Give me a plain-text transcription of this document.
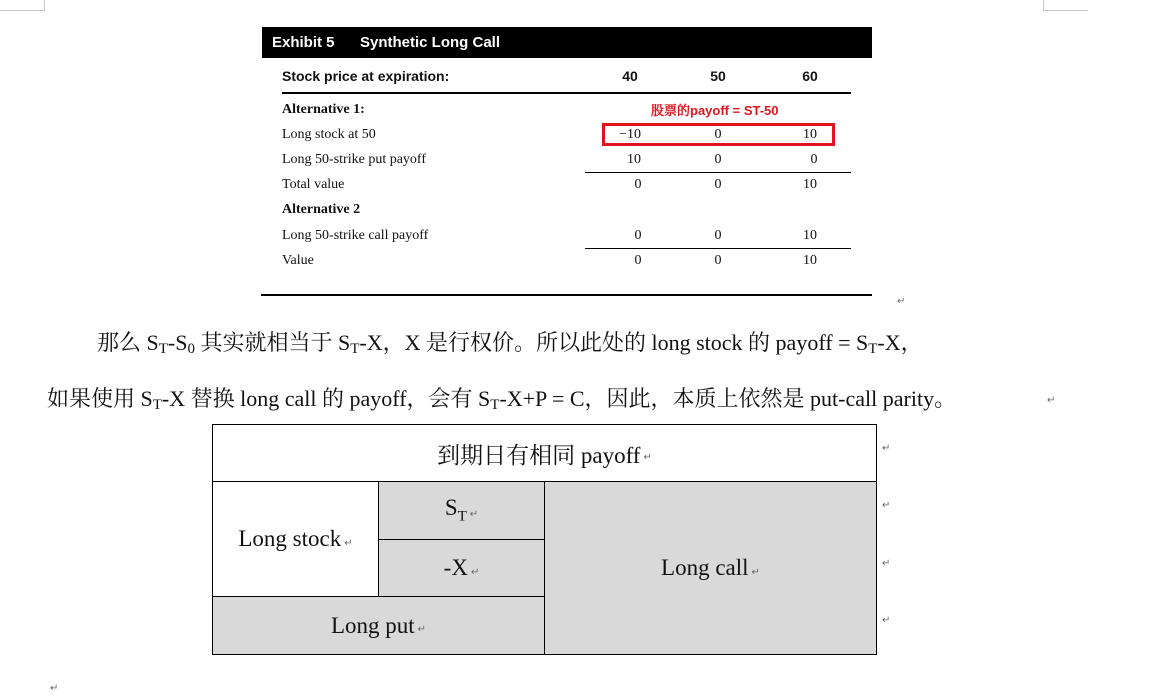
Exhibit 5	Synthetic Long Call
Stock price at expiration:	40	50	60
Alternative 1:	股票的payoff = ST-50
Long stock at 50	−10	0	10
Long 50-strike put payoff	10	0	0
Total value	0	0	10
Alternative 2
Long 50-strike call payoff	0	0	10
Value	0	0	10
↵
那么 $S_T-S_0$ 其实就相当于 $S_T-X$，X 是行权价。所以此处的 long stock 的 payoff = $S_T-X$，
如果使用 $S_T-X$ 替换 long call 的 payoff，会有 $S_T-X+P = C$，因此，本质上依然是 put-call parity。	↵
到期日有相同 payoff ↵
Long stock ↵
$S_T$ ↵
-X ↵
Long put ↵
Long call ↵
↵
↵
↵
↵
↵
